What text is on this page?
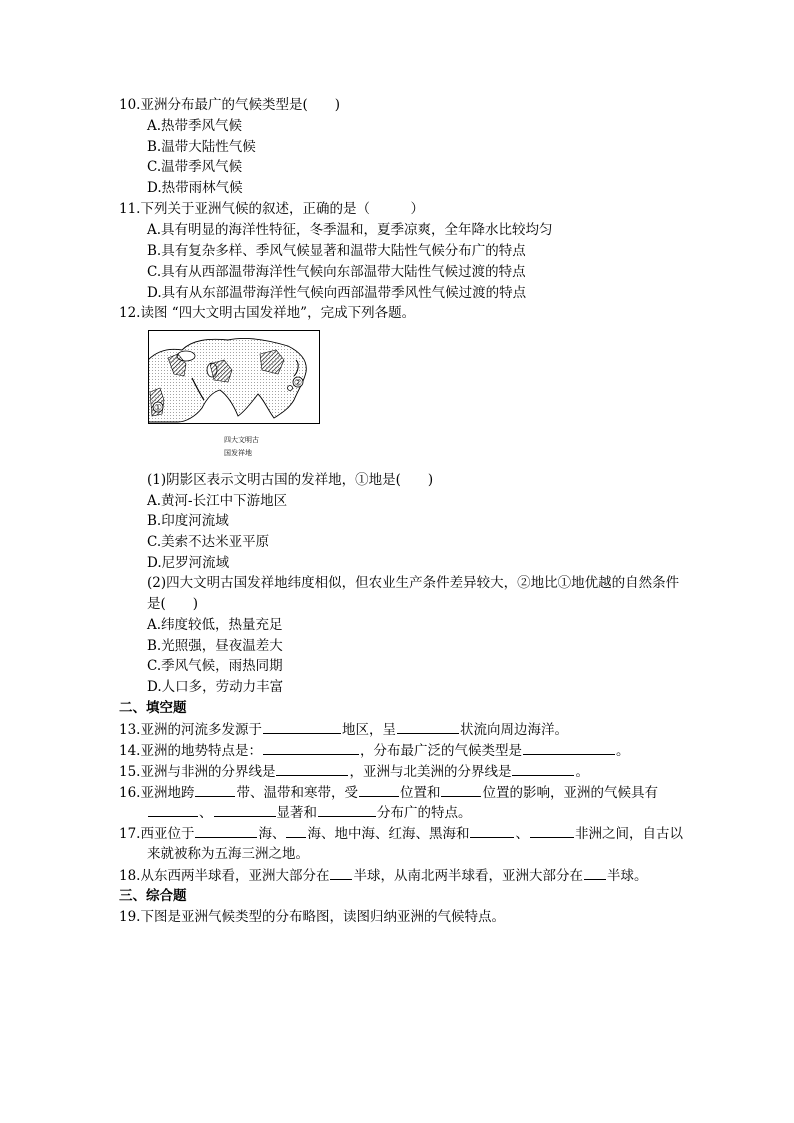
10.亚洲分布最广的气候类型是(　　)
A.热带季风气候
B.温带大陆性气候
C.温带季风气候
D.热带雨林气候
11.下列关于亚洲气候的叙述，正确的是（　　　）
A.具有明显的海洋性特征，冬季温和，夏季凉爽，全年降水比较均匀
B.具有复杂多样、季风气候显著和温带大陆性气候分布广的特点
C.具有从西部温带海洋性气候向东部温带大陆性气候过渡的特点
D.具有从东部温带海洋性气候向西部温带季风性气候过渡的特点
12.读图 “四大文明古国发祥地”，完成下列各题。
①
②
四大文明古
国发祥地
(1)阴影区表示文明古国的发祥地，①地是(　　)
A.黄河-长江中下游地区
B.印度河流域
C.美索不达米亚平原
D.尼罗河流域
(2)四大文明古国发祥地纬度相似，但农业生产条件差异较大，②地比①地优越的自然条件
是(　　)
A.纬度较低，热量充足
B.光照强，昼夜温差大
C.季风气候，雨热同期
D.人口多，劳动力丰富
二、填空题
13.亚洲的河流多发源于	地区，呈	状流向周边海洋。
14.亚洲的地势特点是：	，分布最广泛的气候类型是	。
15.亚洲与非洲的分界线是	，亚洲与北美洲的分界线是	。
16.亚洲地跨	带、温带和寒带，受	位置和	位置的影响，亚洲的气候具有
、	显著和	分布广的特点。
17.西亚位于	海、 海、地中海、红海、黑海和	、	非洲之间，自古以
来就被称为五海三洲之地。
18.从东西两半球看，亚洲大部分在 半球，从南北两半球看，亚洲大部分在 半球。
三、综合题
19.下图是亚洲气候类型的分布略图，读图归纳亚洲的气候特点。
